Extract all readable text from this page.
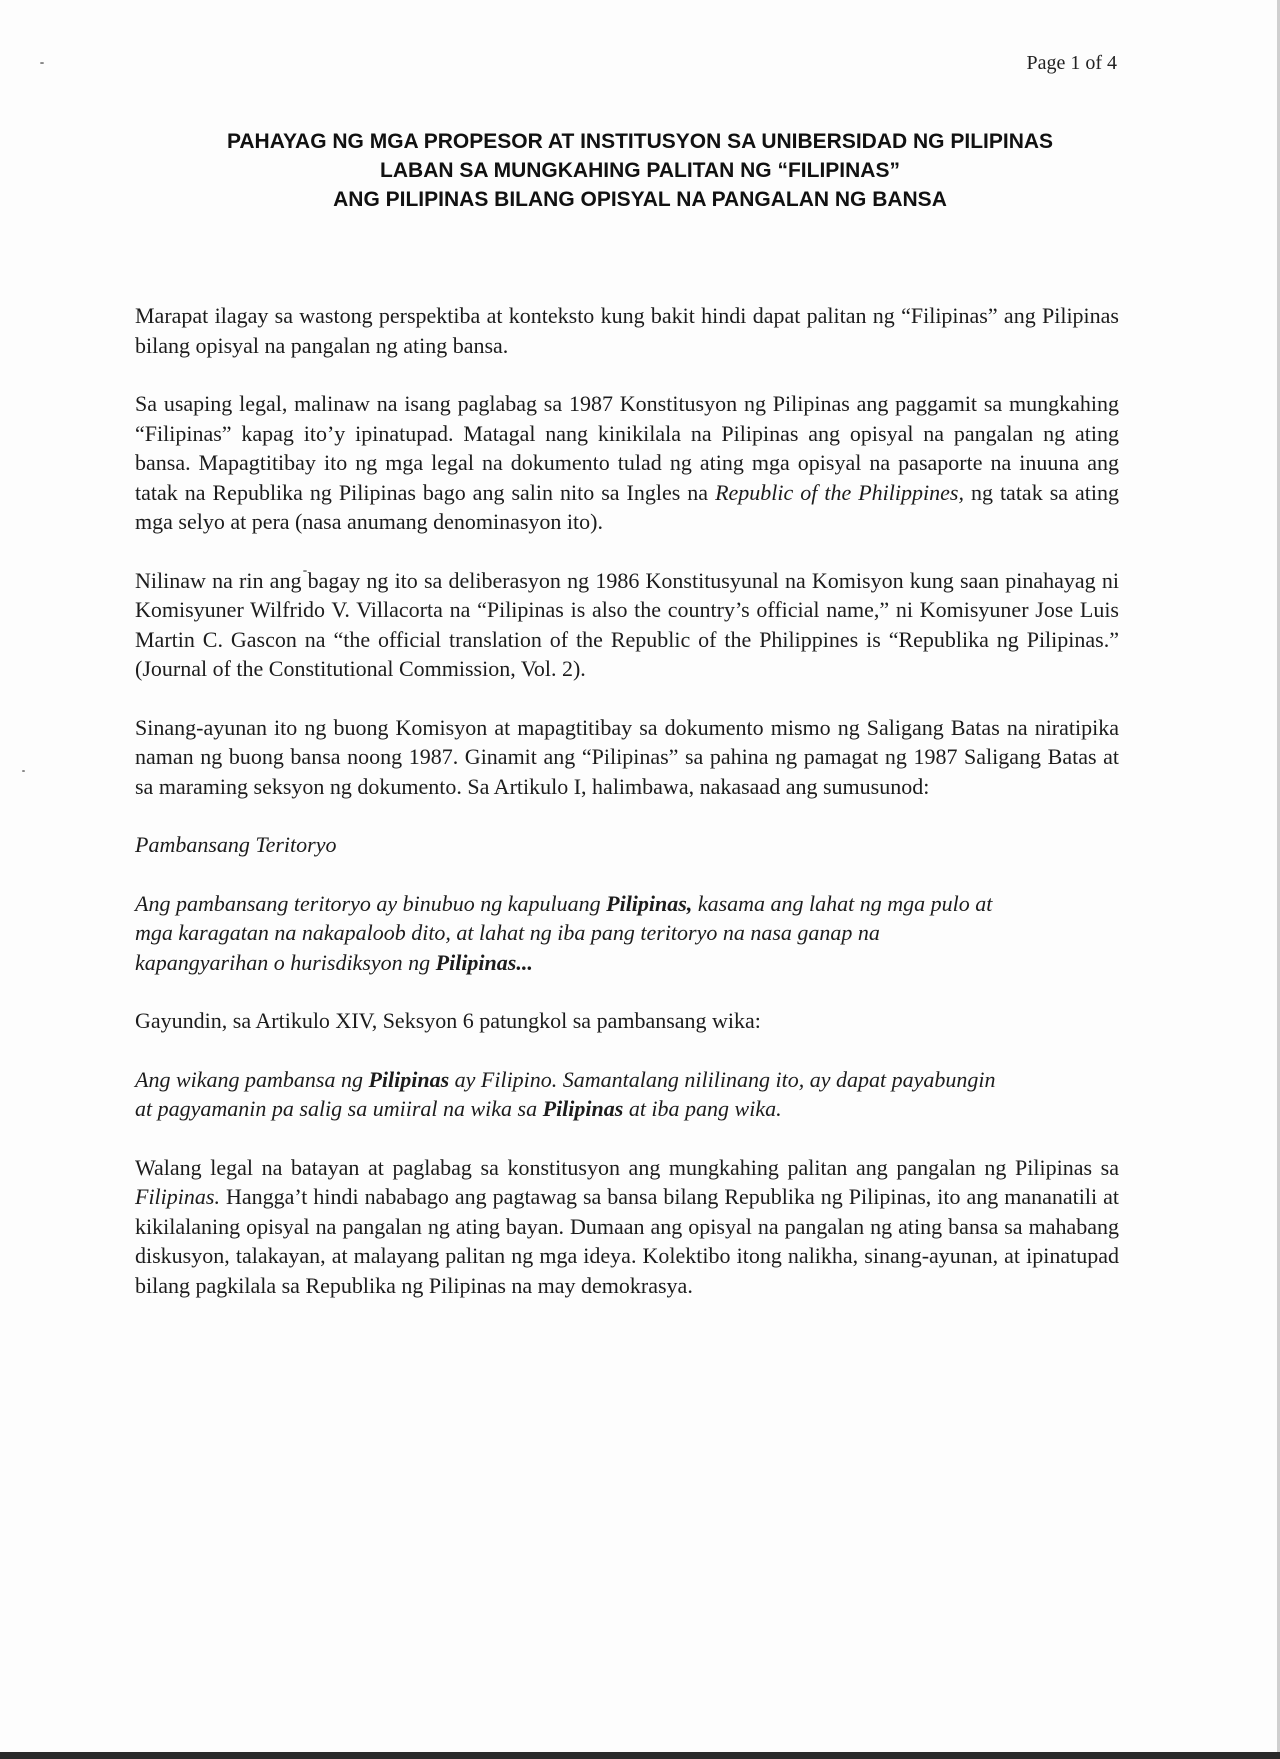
Page 1 of 4
PAHAYAG NG MGA PROPESOR AT INSTITUSYON SA UNIBERSIDAD NG PILIPINAS
LABAN SA MUNGKAHING PALITAN NG “FILIPINAS”
ANG PILIPINAS BILANG OPISYAL NA PANGALAN NG BANSA

Marapat ilagay sa wastong perspektiba at konteksto kung bakit hindi dapat palitan ng “Filipinas” ang Pilipinas bilang opisyal na pangalan ng ating bansa.

Sa usaping legal, malinaw na isang paglabag sa 1987 Konstitusyon ng Pilipinas ang paggamit sa mungkahing “Filipinas” kapag ito’y ipinatupad. Matagal nang kinikilala na Pilipinas ang opisyal na pangalan ng ating bansa. Mapagtitibay ito ng mga legal na dokumento tulad ng ating mga opisyal na pasaporte na inuuna ang tatak na Republika ng Pilipinas bago ang salin nito sa Ingles na Republic of the Philippines, ng tatak sa ating mga selyo at pera (nasa anumang denominasyon ito).

Nilinaw na rin ang bagay ng ito sa deliberasyon ng 1986 Konstitusyunal na Komisyon kung saan pinahayag ni Komisyuner Wilfrido V. Villacorta na “Pilipinas is also the country’s official name,” ni Komisyuner Jose Luis Martin C. Gascon na “the official translation of the Republic of the Philippines is “Republika ng Pilipinas.” (Journal of the Constitutional Commission, Vol. 2).

Sinang-ayunan ito ng buong Komisyon at mapagtitibay sa dokumento mismo ng Saligang Batas na niratipika naman ng buong bansa noong 1987. Ginamit ang “Pilipinas” sa pahina ng pamagat ng 1987 Saligang Batas at sa maraming seksyon ng dokumento. Sa Artikulo I, halimbawa, nakasaad ang sumusunod:

Pambansang Teritoryo

Ang pambansang teritoryo ay binubuo ng kapuluang Pilipinas, kasama ang lahat ng mga pulo at mga karagatan na nakapaloob dito, at lahat ng iba pang teritoryo na nasa ganap na kapangyarihan o hurisdiksyon ng Pilipinas...

Gayundin, sa Artikulo XIV, Seksyon 6 patungkol sa pambansang wika:

Ang wikang pambansa ng Pilipinas ay Filipino. Samantalang nililinang ito, ay dapat payabungin at pagyamanin pa salig sa umiiral na wika sa Pilipinas at iba pang wika.

Walang legal na batayan at paglabag sa konstitusyon ang mungkahing palitan ang pangalan ng Pilipinas sa Filipinas. Hangga’t hindi nababago ang pagtawag sa bansa bilang Republika ng Pilipinas, ito ang mananatili at kikilalaning opisyal na pangalan ng ating bayan. Dumaan ang opisyal na pangalan ng ating bansa sa mahabang diskusyon, talakayan, at malayang palitan ng mga ideya. Kolektibo itong nalikha, sinang-ayunan, at ipinatupad bilang pagkilala sa Republika ng Pilipinas na may demokrasya.
